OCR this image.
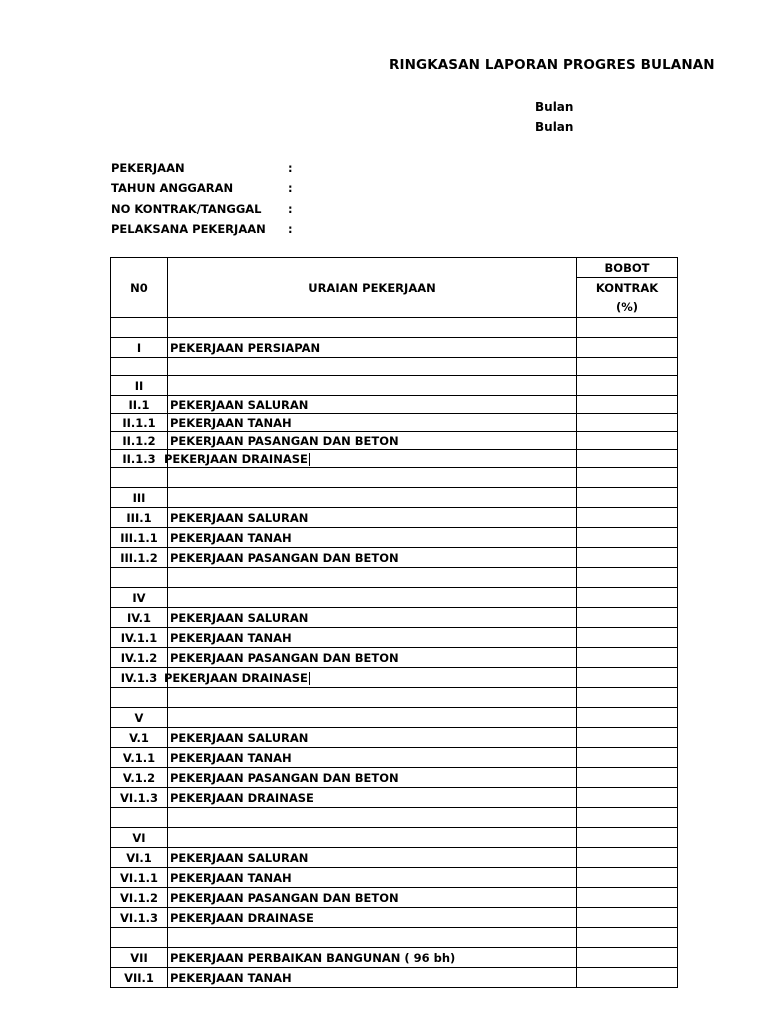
RINGKASAN LAPORAN PROGRES BULANAN
Bulan
Bulan
PEKERJAAN	:
TAHUN ANGGARAN	:
NO KONTRAK/TANGGAL :
PELAKSANA PEKERJAAN :
N0	URAIAN PEKERJAAN	BOBOT
		KONTRAK
(%)

I	PEKERJAAN PERSIAPAN	

II		
II.1	PEKERJAAN SALURAN	
II.1.1	PEKERJAAN TANAH	
II.1.2	PEKERJAAN PASANGAN DAN BETON	
II.1.3	PEKERJAAN DRAINASE	

III		
III.1	PEKERJAAN SALURAN	
III.1.1	PEKERJAAN TANAH	
III.1.2	PEKERJAAN PASANGAN DAN BETON	

IV		
IV.1	PEKERJAAN SALURAN	
IV.1.1	PEKERJAAN TANAH	
IV.1.2	PEKERJAAN PASANGAN DAN BETON	
IV.1.3	PEKERJAAN DRAINASE	

V		
V.1	PEKERJAAN SALURAN	
V.1.1	PEKERJAAN TANAH	
V.1.2	PEKERJAAN PASANGAN DAN BETON	
VI.1.3	PEKERJAAN DRAINASE	

VI		
VI.1	PEKERJAAN SALURAN	
VI.1.1	PEKERJAAN TANAH	
VI.1.2	PEKERJAAN PASANGAN DAN BETON	
VI.1.3	PEKERJAAN DRAINASE	

VII	PEKERJAAN PERBAIKAN BANGUNAN ( 96 bh)	
VII.1	PEKERJAAN TANAH	
